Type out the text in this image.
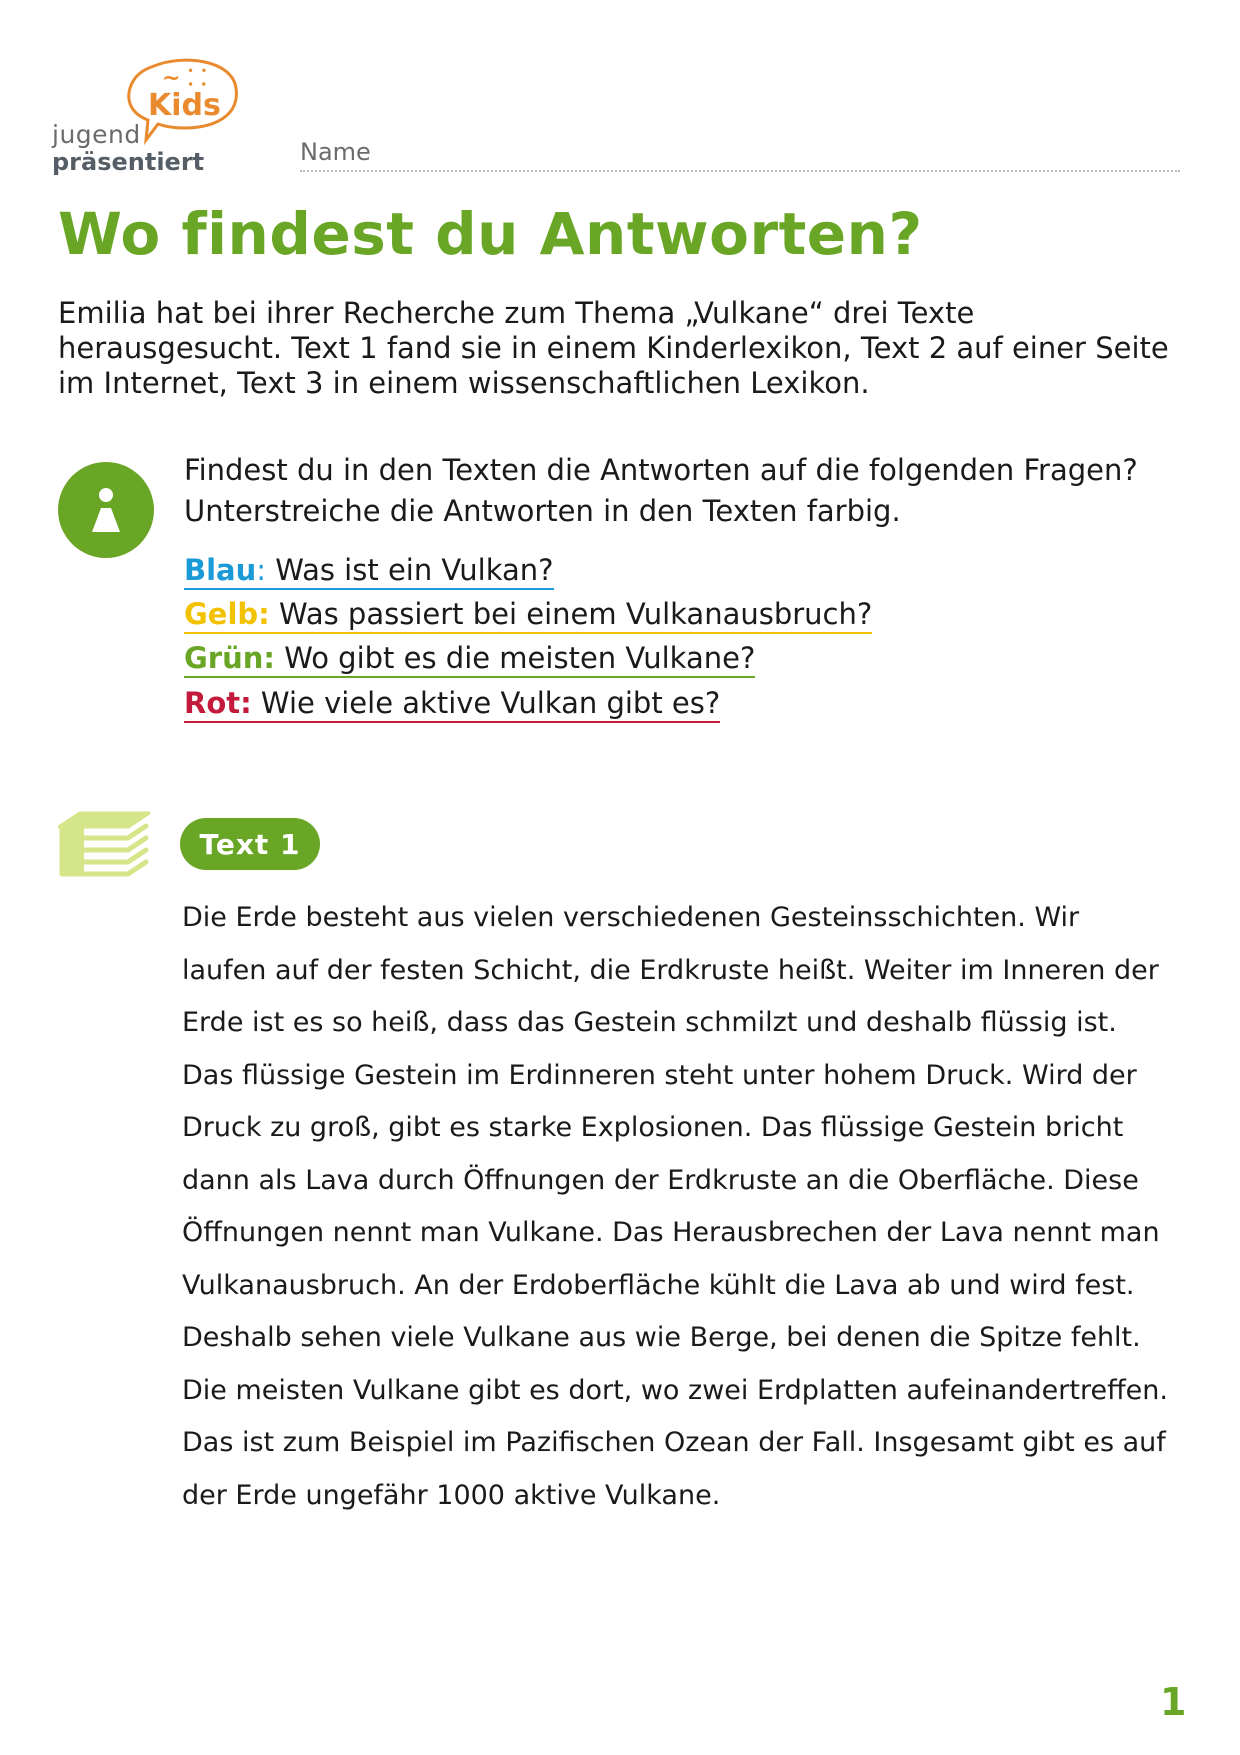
~ ⸬
Kids
jugend
präsentiert	Name
Wo findest du Antworten?

Emilia hat bei ihrer Recherche zum Thema „Vulkane“ drei Texte herausgesucht. Text 1 fand sie in einem Kinderlexikon, Text 2 auf einer Seite im Internet, Text 3 in einem wissenschaftlichen Lexikon.

Findest du in den Texten die Antworten auf die folgenden Fragen? Unterstreiche die Antworten in den Texten farbig.

Blau: Was ist ein Vulkan?
Gelb: Was passiert bei einem Vulkanausbruch?
Grün: Wo gibt es die meisten Vulkane?
Rot: Wie viele aktive Vulkan gibt es?
Text 1

Die Erde besteht aus vielen verschiedenen Gesteinsschichten. Wir laufen auf der festen Schicht, die Erdkruste heißt. Weiter im Inneren der Erde ist es so heiß, dass das Gestein schmilzt und deshalb flüssig ist. Das flüssige Gestein im Erdinneren steht unter hohem Druck. Wird der Druck zu groß, gibt es starke Explosionen. Das flüssige Gestein bricht dann als Lava durch Öffnungen der Erdkruste an die Oberfläche. Diese Öffnungen nennt man Vulkane. Das Herausbrechen der Lava nennt man Vulkanausbruch. An der Erdoberfläche kühlt die Lava ab und wird fest. Deshalb sehen viele Vulkane aus wie Berge, bei denen die Spitze fehlt. Die meisten Vulkane gibt es dort, wo zwei Erdplatten aufeinandertreffen. Das ist zum Beispiel im Pazifischen Ozean der Fall. Insgesamt gibt es auf der Erde ungefähr 1000 aktive Vulkane.

1
